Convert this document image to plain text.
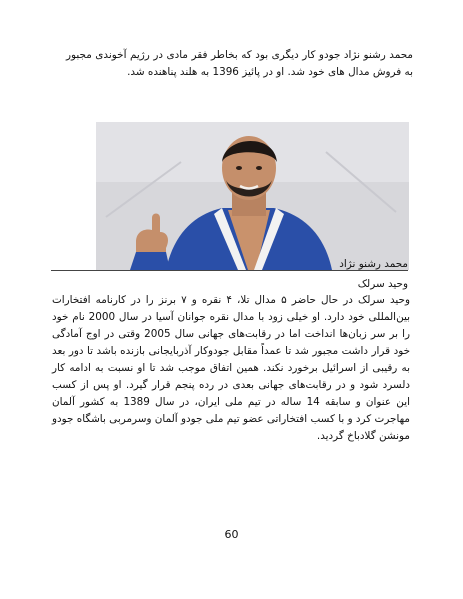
محمد رشنو نژاد جودو کار دیگری بود که بخاطر فقر مادی در رژیم آخوندی مجبور به فروش مدال های خود شد. او در پائیز 1396 به هلند پناهنده شد.

محمد رشنو نژاد
وحید سرلک

وحید سرلک در حال حاضر ۵ مدال تلا، ۴ نقره و ۷ برنز را در کارنامه افتخارات بین‌المللی خود دارد. او خیلی زود با مدال نقره جوانان آسیا در سال 2000 نام خود را بر سر زبان‌ها انداخت اما در رقابت‌های جهانی سال 2005 وقتی در اوج آمادگی خود قرار داشت مجبور شد تا عمداً مقابل جودوکار آذربایجانی بازنده باشد تا دور بعد به رقیبی از اسرائیل برخورد نکند. همین اتفاق موجب شد تا او نسبت به ادامه کار دلسرد شود و در رقابت‌های جهانی بعدی در رده پنجم قرار گیرد. او پس از کسب این عنوان و سابقه 14 ساله در تیم ملی ایران، در سال 1389 به کشور آلمان مهاجرت کرد و با کسب افتخاراتی عضو تیم ملی جودو آلمان وسرمربی باشگاه جودو مونشن گلادباخ گردید.

60
